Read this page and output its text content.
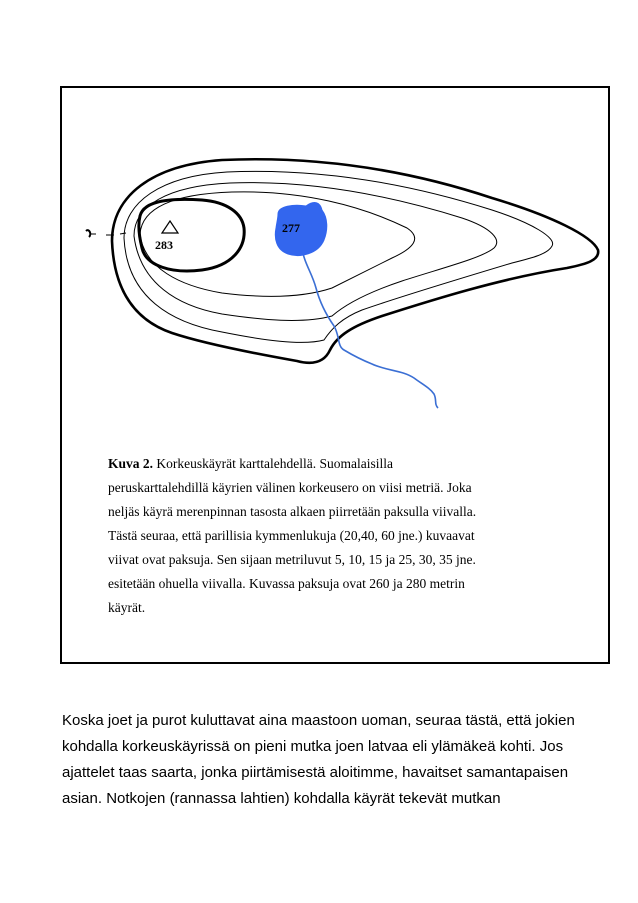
283
277

Kuva 2. Korkeuskäyrät karttalehdellä. Suomalaisilla
peruskarttalehdillä käyrien välinen korkeusero on viisi metriä. Joka
neljäs käyrä merenpinnan tasosta alkaen piirretään paksulla viivalla.
Tästä seuraa, että parillisia kymmenlukuja (20,40, 60 jne.) kuvaavat
viivat ovat paksuja. Sen sijaan metriluvut 5, 10, 15 ja 25, 30, 35 jne.
esitetään ohuella viivalla. Kuvassa paksuja ovat 260 ja 280 metrin
käyrät.

Koska joet ja purot kuluttavat aina maastoon uoman, seuraa tästä, että jokien
kohdalla korkeuskäyrissä on pieni mutka joen latvaa eli ylämäkeä kohti. Jos
ajattelet taas saarta, jonka piirtämisestä aloitimme, havaitset samantapaisen
asian. Notkojen (rannassa lahtien) kohdalla käyrät tekevät mutkan
